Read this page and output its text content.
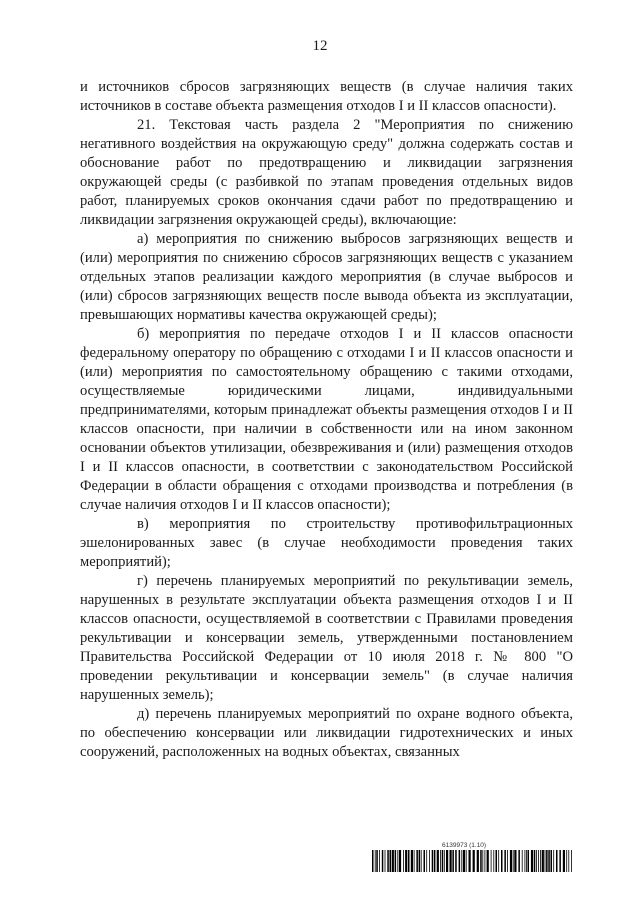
12

и источников сбросов загрязняющих веществ (в случае наличия таких источников в составе объекта размещения отходов I и II классов опасности).

21. Текстовая часть раздела 2 "Мероприятия по снижению негативного воздействия на окружающую среду" должна содержать состав и обоснование работ по предотвращению и ликвидации загрязнения окружающей среды (с разбивкой по этапам проведения отдельных видов работ, планируемых сроков окончания сдачи работ по предотвращению и ликвидации загрязнения окружающей среды), включающие:

а) мероприятия по снижению выбросов загрязняющих веществ и (или) мероприятия по снижению сбросов загрязняющих веществ с указанием отдельных этапов реализации каждого мероприятия (в случае выбросов и (или) сбросов загрязняющих веществ после вывода объекта из эксплуатации, превышающих нормативы качества окружающей среды);

б) мероприятия по передаче отходов I и II классов опасности федеральному оператору по обращению с отходами I и II классов опасности и (или) мероприятия по самостоятельному обращению с такими отходами, осуществляемые юридическими лицами, индивидуальными предпринимателями, которым принадлежат объекты размещения отходов I и II классов опасности, при наличии в собственности или на ином законном основании объектов утилизации, обезвреживания и (или) размещения отходов I и II классов опасности, в соответствии с законодательством Российской Федерации в области обращения с отходами производства и потребления (в случае наличия отходов I и II классов опасности);

в) мероприятия по строительству противофильтрационных эшелонированных завес (в случае необходимости проведения таких мероприятий);

г) перечень планируемых мероприятий по рекультивации земель, нарушенных в результате эксплуатации объекта размещения отходов I и II классов опасности, осуществляемой в соответствии с Правилами проведения рекультивации и консервации земель, утвержденными постановлением Правительства Российской Федерации от 10 июля 2018 г. № 800 "О проведении рекультивации и консервации земель" (в случае наличия нарушенных земель);

д) перечень планируемых мероприятий по охране водного объекта, по обеспечению консервации или ликвидации гидротехнических и иных сооружений, расположенных на водных объектах, связанных

6139973 (1.10)
